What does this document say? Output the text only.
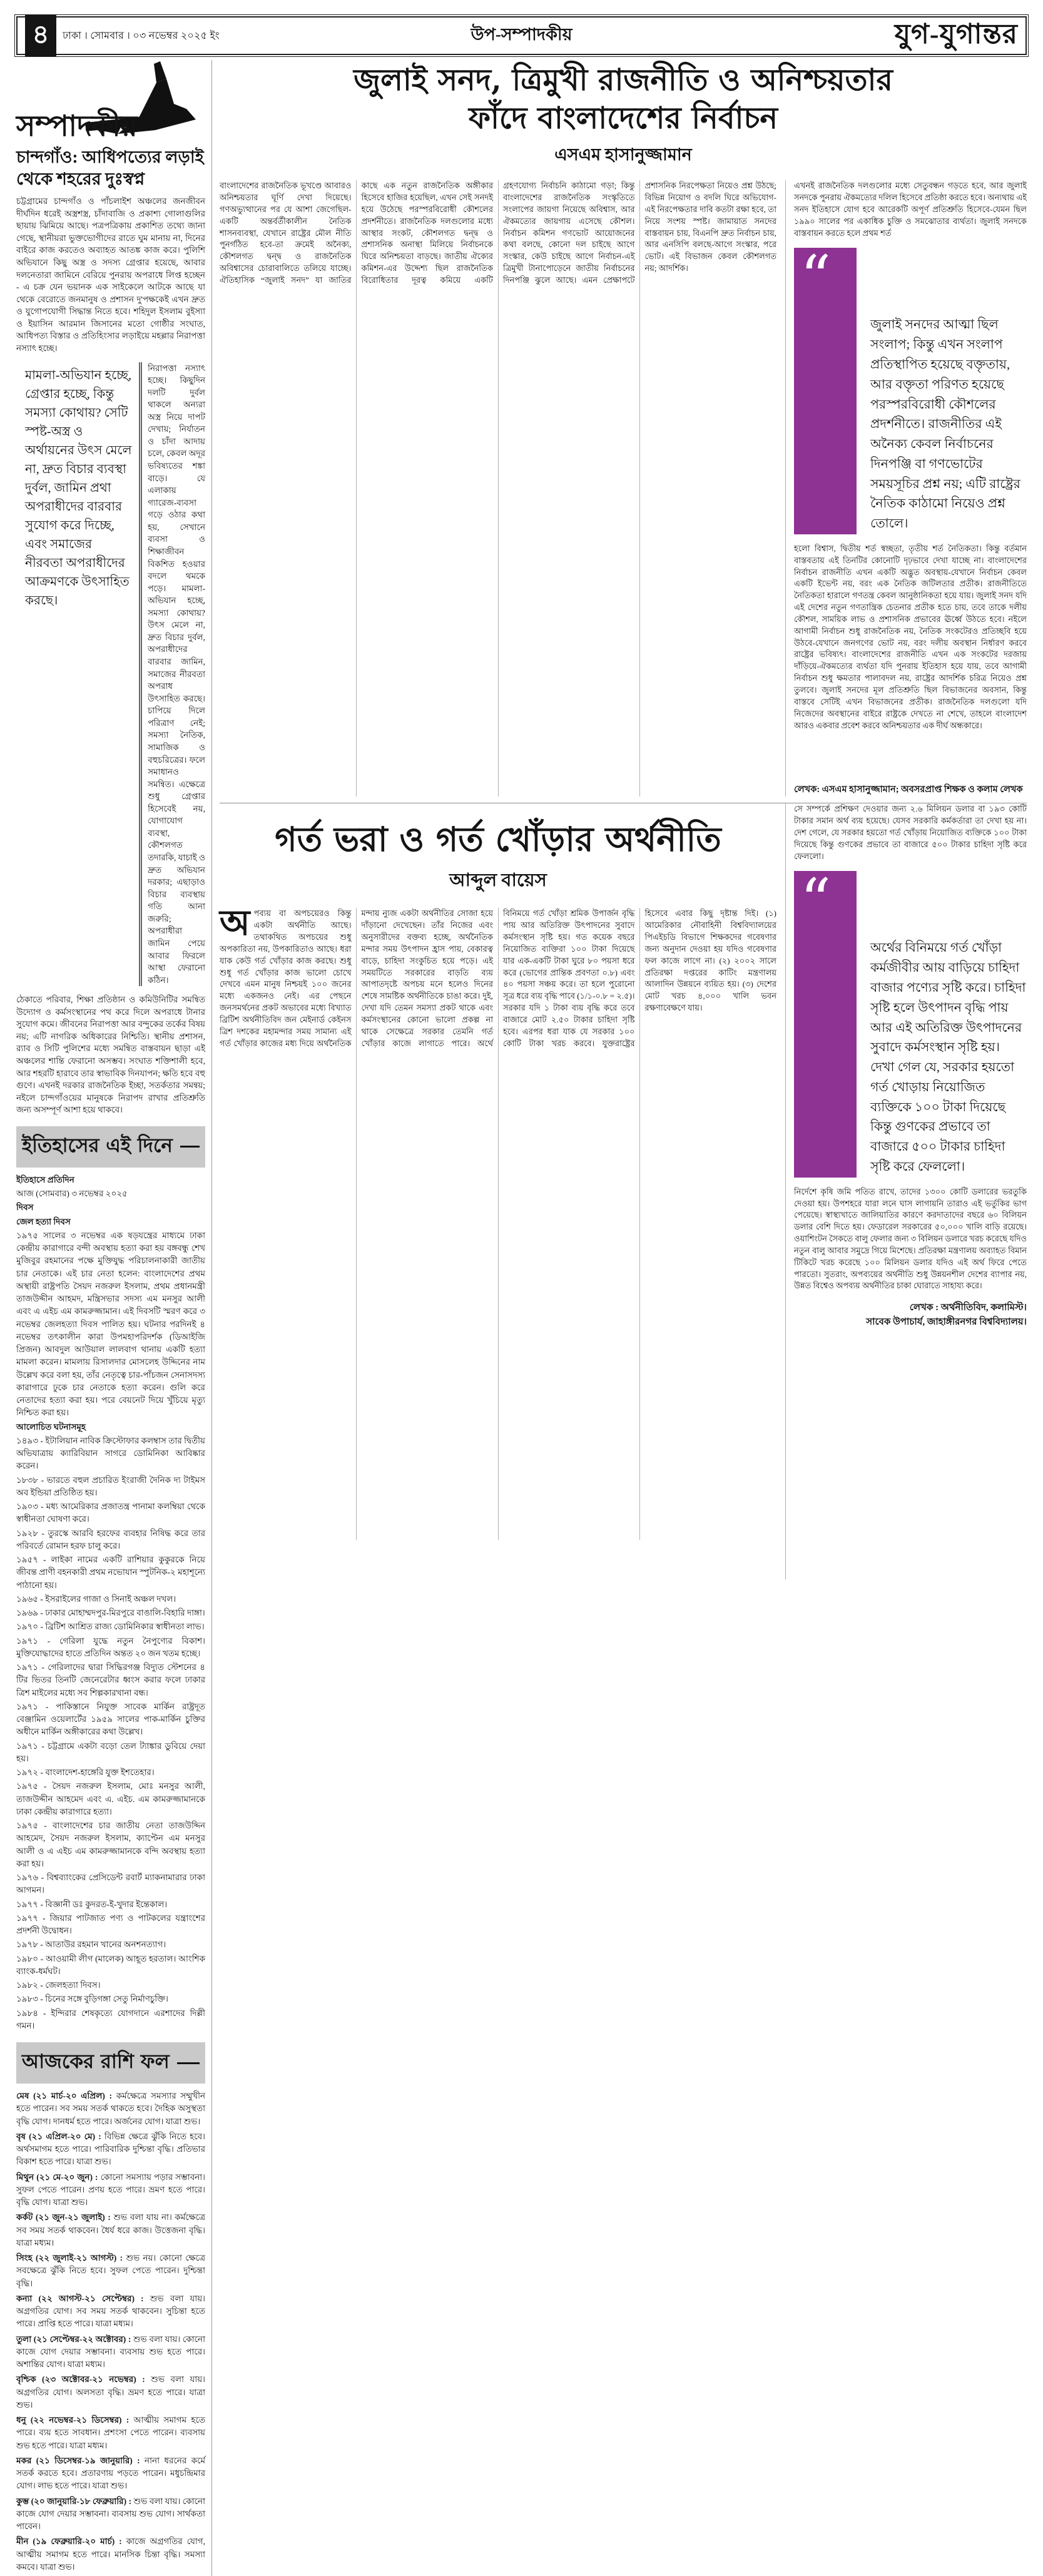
৪	ঢাকা । সোমবার । ০৩ নভেম্বর ২০২৫ ইং	উপ-সম্পাদকীয়	যুগ-যুগান্তর
সম্পাদকীয়
চান্দগাঁও: আধিপত্যের লড়াই থেকে শহরের দুঃস্বপ্ন
চট্টগ্রামের চান্দগাঁও ও পাঁচলাইশ অঞ্চলের জনজীবন দীর্ঘদিন ধরেই অস্ত্রশস্ত্র, চাঁদাবাজি ও প্রকাশ্য গোলাগুলির ছায়ায় ঝিমিয়ে আছে। পত্রপত্রিকায় প্রকাশিত তথ্যে জানা গেছে, স্থানীয়রা ভুক্তভোগীদের রাতে ঘুম মানায় না, দিনের বাইরে কাজ করতেও অব্যাহত আতঙ্ক কাজ করে। পুলিশি অভিযানে কিছু অস্ত্র ও সদস্য গ্রেপ্তার হয়েছে, আবার দলনেতারা জামিনে বেরিয়ে পুনরায় অপরাধে লিপ্ত হচ্ছেন - এ চক্র যেন ভয়ানক এক সাইকেলে আটকে আছে যা থেকে বেরোতে জনমানুষ ও প্রশাসন দু'পক্ষকেই এখন দ্রুত ও যুগোপযোগী সিদ্ধান্ত নিতে হবে। শহিদুল ইসলাম বুইস্যা ও ইয়াসিন আরমান জিসানের মতো গোষ্ঠীর সংঘাত, আধিপত্য বিস্তার ও প্রতিহিংসার লড়াইয়ে মহল্লার নিরাপত্তা নস্যাৎ হচ্ছে।
মামলা-অভিযান হচ্ছে, গ্রেপ্তার হচ্ছে, কিন্তু সমস্যা কোথায়? সেটি স্পষ্ট-অস্ত্র ও অর্থায়নের উৎস মেলে না, দ্রুত বিচার ব্যবস্থা দুর্বল, জামিন প্রথা অপরাধীদের বারবার সুযোগ করে দিচ্ছে, এবং সমাজের নীরবতা অপরাধীদের আক্রমণকে উৎসাহিত করছে।
নিরাপত্তা নস্যাৎ হচ্ছে। কিছুদিন দলটি দুর্বল থাকলে অন্যরা অস্ত্র নিয়ে দাপট দেখায়; নির্যাতন ও চাঁদা আদায় চলে, কেবল অদূর ভবিষ্যতের শঙ্কা বাড়ে। যে এলাকায় গ্যারেজ-ব্যবসা গড়ে ওঠার কথা হয়, সেখানে ব্যবসা ও শিক্ষাজীবন বিকশিত হওয়ার বদলে থমকে পড়ে। মামলা-অভিযান হচ্ছে, সমস্যা কোথায়? উৎস মেলে না, দ্রুত বিচার দুর্বল, অপরাধীদের বারবার জামিন, সমাজের নীরবতা অপরাধ উৎসাহিত করছে। চাপিয়ে দিলে পরিত্রাণ নেই; সমস্যা নৈতিক, সামাজিক ও বহুচরিত্রের। ফলে সমাধানও সমন্বিত। এক্ষেত্রে শুধু গ্রেপ্তার হিসেবেই নয়, যোগাযোগ ব্যবস্থা, কৌশলগত তদারকি, যাচাই ও দ্রুত অভিযান দরকার; এছাড়াও বিচার ব্যবস্থায় গতি আনা জরুরি; অপরাধীরা জামিন পেয়ে আবার ফিরলে আস্থা ফেরানো কঠিন।
ঠেকাতে পরিবার, শিক্ষা প্রতিষ্ঠান ও কমিউনিটির সমন্বিত উদ্যোগ ও কর্মসংস্থানের পথ করে দিলে অপরাধে টানার সুযোগ কমে। জীবনের নিরাপত্তা আর বন্দুকের তর্কের বিষয় নয়; এটি নাগরিক অধিকারের নিশ্চিতি। স্থানীয় প্রশাসন, র‍্যাব ও সিটি পুলিশের মধ্যে সমন্বিত বাস্তবায়ন ছাড়া এই অঞ্চলের শান্তি ফেরানো অসম্ভব। সংঘাত শক্তিশালী হবে, আর শহরটি হারাবে তার স্বাভাবিক দিনযাপন; ক্ষতি হবে বহু গুণে। এখনই দরকার রাজনৈতিক ইচ্ছা, সতর্কতার সমন্বয়; নইলে চান্দগাঁওয়ের মানুষকে নিরাপদ রাখার প্রতিশ্রুতি জন্য অসম্পূর্ণ আশা হয়ে থাকবে।
ইতিহাসের এই দিনে

ইতিহাসে প্রতিদিন

আজ (সোমবার) ৩ নভেম্বর ২০২৫

দিবস

জেল হত্যা দিবস

১৯৭৫ সালের ৩ নভেম্বর এক ষড়যন্ত্রের মাধ্যমে ঢাকা কেন্দ্রীয় কারাগারে বন্দী অবস্থায় হত্যা করা হয় বঙ্গবন্ধু শেখ মুজিবুর রহমানের পক্ষে মুক্তিযুদ্ধ পরিচালনাকারী জাতীয় চার নেতাকে। এই চার নেতা হলেন: বাংলাদেশের প্রথম অস্থায়ী রাষ্ট্রপতি সৈয়দ নজরুল ইসলাম, প্রথম প্রধানমন্ত্রী তাজউদ্দীন আহমদ, মন্ত্রিসভার সদস্য এম মনসুর আলী এবং এ এইচ এম কামরুজ্জামান। এই দিবসটি স্মরণ করে ৩ নভেম্বর জেলহত্যা দিবস পালিত হয়। ঘটনার পরদিনই ৪ নভেম্বর তৎকালীন কারা উপমহাপরিদর্শক (ডিআইজি প্রিজন) আবদুল আউয়াল লালবাগ থানায় একটি হত্যা মামলা করেন। মামলায় রিসালদার মোসলেহ উদ্দিনের নাম উল্লেখ করে বলা হয়, তাঁর নেতৃত্বে চার-পাঁচজন সেনাসদস্য কারাগারে ঢুকে চার নেতাকে হত্যা করেন। গুলি করে নেতাদের হত্যা করা হয়। পরে বেয়নেট দিয়ে খুঁচিয়ে মৃত্যু নিশ্চিত করা হয়।

আলোচিত ঘটনাসমূহ

১৪৯৩ - ইটালিয়ান নাবিক ক্রিস্টোফার কলম্বাস তার দ্বিতীয় অভিযাত্রায় ক্যারিবিয়ান সাগরে ডোমিনিকা আবিষ্কার করেন।
১৮৩৮ - ভারতে বহুল প্রচারিত ইংরাজী দৈনিক দ্য টাইমস অব ইন্ডিয়া প্রতিষ্ঠিত হয়।
১৯০৩ - মধ্য আমেরিকার প্রজাতন্ত্র পানামা কলম্বিয়া থেকে স্বাধীনতা ঘোষণা করে।
১৯২৮ - তুরস্কে আরবি হরফের ব্যবহার নিষিদ্ধ করে তার পরিবর্তে রোমান হরফ চালু করে।
১৯৫৭ - লাইকা নামের একটি রাশিয়ার কুকুরকে নিয়ে জীবন্ত প্রাণী বহনকারী প্রথম নভোযান স্পুটনিক-২ মহাশূন্যে পাঠানো হয়।
১৯৬৫ - ইসরাইলের গাজা ও সিনাই অঞ্চল দখল।
১৯৬৯ - ঢাকার মোহাম্মদপুর-মিরপুরে বাঙালি-বিহারি দাঙ্গা।
১৯৭০ - ব্রিটিশ আশ্রিত রাজ্য ডোমিনিকার স্বাধীনতা লাভ।
১৯৭১ - গেরিলা যুদ্ধে নতুন নৈপুণ্যের বিকাশ। মুক্তিযোদ্ধাদের হাতে প্রতিদিন অন্তত ২০ জন খতম হচ্ছে।
১৯৭১ - গেরিলাদের দ্বারা সিদ্ধিরগঞ্জ বিদ্যুত স্টেশনের ৪ টির ভিতর তিনটি জেনেরেটার ধ্বংস করার ফলে ঢাকার ত্রিশ মাইলের মধ্যে সব শিল্পকারখানা বন্ধ।
১৯৭১ - পাকিস্তানে নিযুক্ত সাবেক মার্কিন রাষ্ট্রদূত বেঞ্জামিন ওয়েলার্টের ১৯৫৯ সালের পাক-মার্কিন চুক্তির অধীনে মার্কিন অঙ্গীকারের কথা উল্লেখ।
১৯৭১ - চট্টগ্রামে একটা বড়ো তেল ট্যাঙ্কার ডুবিয়ে দেয়া হয়।
১৯৭২ - বাংলাদেশ-হাঙ্গেরি যুক্ত ইশতেহার।
১৯৭৫ - সৈয়দ নজরুল ইসলাম, মোঃ মনসুর আলী, তাজউদ্দীন আহমেদ এবং এ. এইচ. এম কামরুজ্জামানকে ঢাকা কেন্দ্রীয় কারাগারে হত্যা।
১৯৭৫ - বাংলাদেশের চার জাতীয় নেতা তাজউদ্দিন আহমেদ, সৈয়দ নজরুল ইসলাম, ক্যাপ্টেন এম মনসুর আলী ও এ এইচ এম কামরুজ্জামানকে বন্দি অবস্থায় হত্যা করা হয়।
১৯৭৬ - বিশ্বব্যাংকের প্রেসিডেন্ট রবার্ট ম্যাকনামারার ঢাকা আগমন।
১৯৭৭ - বিজ্ঞানী ডঃ কুদরত-ই-খুদার ইন্তেকাল।
১৯৭৭ - জিয়ার পাটজাত পণ্য ও পাটকলের যন্ত্রাংশের প্রদর্শনী উদ্বোধন।
১৯৭৮ - আতাউর রহমান খানের অনশনত্যাগ।
১৯৮০ - আওয়ামী লীগ (মালেক) আহূত হরতাল। আংশিক ব্যাংক-ধর্মঘট।
১৯৮২ - জেলহত্যা দিবস।
১৯৮৩ - চিনের সঙ্গে বুড়িগঙ্গা সেতু নির্মাণচুক্তি।
১৯৮৪ - ইন্দিরার শেষকৃত্যে যোগদানে এরশাদের দিল্লী গমন।
আজকের রাশি ফল

মেষ (২১ মার্চ-২০ এপ্রিল) : কর্মক্ষেত্রে সমস্যার সম্মুখীন হতে পারেন। সব সময় সতর্ক থাকতে হবে। দৈহিক অসুস্থতা বৃদ্ধি যোগ। দানধর্ম হতে পারে। অর্জনের যোগ। যাত্রা শুভ।

বৃষ (২১ এপ্রিল-২০ মে) : বিভিন্ন ক্ষেত্রে ঝুঁকি নিতে হবে। অর্থসমাগম হতে পারে। পারিবারিক দুশ্চিন্তা বৃদ্ধি। প্রতিভার বিকাশ হতে পারে। যাত্রা শুভ।

মিথুন (২১ মে-২০ জুন) : কোনো সমস্যায় পড়ার সম্ভাবনা। সুফল পেতে পারেন। প্রণয় হতে পারে। ভ্রমণ হতে পারে। বৃদ্ধি যোগ। যাত্রা শুভ।

কর্কট (২১ জুন-২১ জুলাই) : শুভ বলা যায় না। কর্মক্ষেত্রে সব সময় সতর্ক থাকবেন। ধৈর্য ধরে কাজ। উত্তেজনা বৃদ্ধি। যাত্রা মধ্যম।

সিংহ (২২ জুলাই-২১ আগস্ট) : শুভ নয়। কোনো ক্ষেত্রে সবক্ষেত্রে ঝুঁকি নিতে হবে। সুফল পেতে পারেন। দুশ্চিন্তা বৃদ্ধি।

কন্যা (২২ আগস্ট-২১ সেপ্টেম্বর) : শুভ বলা যায়। অগ্রগতির যোগ। সব সময় সতর্ক থাকবেন। সুচিন্তা হতে পারে। প্রাপ্তি হতে পারে। যাত্রা মধ্যম।

তুলা (২১ সেপ্টেম্বর-২২ অক্টোবর) : শুভ বলা যায়। কোনো কাজে যোগ দেয়ার সম্ভাবনা। ব্যবসায় শুভ হতে পারে। অশান্তির যোগ। যাত্রা মধ্যম।

বৃশ্চিক (২৩ অক্টোবর-২১ নভেম্বর) : শুভ বলা যায়। অগ্রগতির যোগ। অলসতা বৃদ্ধি। ভ্রমণ হতে পারে। যাত্রা শুভ।

ধনু (২২ নভেম্বর-২১ ডিসেম্বর) : আত্মীয় সমাগম হতে পারে। ব্যয় হতে সাবধান। প্রশংসা পেতে পারেন। ব্যবসায় শুভ হতে পারে। যাত্রা মধ্যম।

মকর (২১ ডিসেম্বর-১৯ জানুয়ারি) : নানা ধরনের কর্মে সতর্ক করতে হবে। প্রতারণায় পড়তে পারেন। মধুচন্দ্রিমার যোগ। লাভ হতে পারে। যাত্রা শুভ।

কুম্ভ (২০ জানুয়ারি-১৮ ফেব্রুয়ারি) : শুভ বলা যায়। কোনো কাজে যোগ দেয়ার সম্ভাবনা। ব্যবসায় শুভ যোগ। সার্থকতা পাবেন।

মীন (১৯ ফেব্রুয়ারি-২০ মার্চ) : কাজে অগ্রগতির যোগ, আত্মীয় সমাগম হতে পারে। মানসিক চিন্তা বৃদ্ধি। সমস্যা কমবে। যাত্রা শুভ।

জুলাই সনদ, ত্রিমুখী রাজনীতি ও অনিশ্চয়তার
ফাঁদে বাংলাদেশের নির্বাচন
এসএম হাসানুজ্জামান
বাংলাদেশের রাজনৈতিক ভূখণ্ডে আবারও অনিশ্চয়তার ঘূর্ণি দেখা দিয়েছে। গণঅভ্যুত্থানের পর যে আশা জেগেছিল-একটি অন্তর্বর্তীকালীন নৈতিক শাসনব্যবস্থা, যেখানে রাষ্ট্রের মৌল নীতি পুনর্গঠিত হবে-তা ক্রমেই অনৈক্য, কৌশলগত দ্বন্দ্ব ও রাজনৈতিক অবিশ্বাসের চোরাবালিতে তলিয়ে যাচ্ছে। ঐতিহাসিক “জুলাই সনদ” যা জাতির কাছে এক নতুন রাজনৈতিক অঙ্গীকার হিসেবে হাজির হয়েছিল, এখন সেই সনদই হয়ে উঠেছে পরস্পরবিরোধী কৌশলের প্রদর্শনীতে। রাজনৈতিক দলগুলোর মধ্যে আস্থার সংকট, কৌশলগত দ্বন্দ্ব ও প্রশাসনিক অনাস্থা মিলিয়ে নির্বাচনকে ঘিরে অনিশ্চয়তা বাড়ছে। জাতীয় ঐক্যের কমিশন-এর উদ্দেশ্য ছিল রাজনৈতিক বিরোধিতার দূরত্ব কমিয়ে একটি গ্রহণযোগ্য নির্বাচনি কাঠামো গড়া; কিন্তু বাংলাদেশের রাজনৈতিক সংস্কৃতিতে সংলাপের জায়গা নিয়েছে অবিশ্বাস, আর ঐকমত্যের জায়গায় এসেছে কৌশল। নির্বাচন কমিশন গণভোট আয়োজনের কথা বলছে, কোনো দল চাইছে আগে সংস্কার, কেউ চাইছে আগে নির্বাচন-এই ত্রিমুখী টানাপোড়েনে জাতীয় নির্বাচনের দিনপঞ্জি ঝুলে আছে। এমন প্রেক্ষাপটে প্রশাসনিক নিরপেক্ষতা নিয়েও প্রশ্ন উঠছে; বিভিন্ন নিয়োগ ও বদলি ঘিরে অভিযোগ-এই নিরপেক্ষতার দাবি কতটা রক্ষা হবে, তা নিয়ে সংশয় স্পষ্ট। জামায়াত সনদের বাস্তবায়ন চায়, বিএনপি দ্রুত নির্বাচন চায়, আর এনসিপি বলছে-আগে সংস্কার, পরে ভোট। এই বিভাজন কেবল কৌশলগত নয়; আদর্শিক।
এখনই রাজনৈতিক দলগুলোর মধ্যে সেতুবন্ধন গড়তে হবে, আর জুলাই সনদকে পুনরায় ঐকমত্যের দলিল হিসেবে প্রতিষ্ঠা করতে হবে। অন্যথায় এই সনদ ইতিহাসে যোগ হবে আরেকটি অপূর্ণ প্রতিশ্রুতি হিসেবে-যেমন ছিল ১৯৯০ সালের পর একাধিক চুক্তি ও সমঝোতার ব্যর্থতা। জুলাই সনদকে বাস্তবায়ন করতে হলে প্রথম শর্ত
“
জুলাই সনদের আত্মা ছিল সংলাপ; কিন্তু এখন সংলাপ প্রতিস্থাপিত হয়েছে বক্তৃতায়, আর বক্তৃতা পরিণত হয়েছে পরস্পরবিরোধী কৌশলের প্রদর্শনীতে। রাজনীতির এই অনৈক্য কেবল নির্বাচনের দিনপঞ্জি বা গণভোটের সময়সূচির প্রশ্ন নয়; এটি রাষ্ট্রের নৈতিক কাঠামো নিয়েও প্রশ্ন তোলে।
হলো বিশ্বাস, দ্বিতীয় শর্ত স্বচ্ছতা, তৃতীয় শর্ত নৈতিকতা। কিন্তু বর্তমান বাস্তবতায় এই তিনটির কোনোটি দৃঢ়ভাবে দেখা যাচ্ছে না। বাংলাদেশের নির্বাচন রাজনীতি এখন একটি অদ্ভুত অবস্থায়-যেখানে নির্বাচন কেবল একটি ইভেন্ট নয়, বরং এক নৈতিক জটিলতার প্রতীক। রাজনীতিতে নৈতিকতা হারালে গণতন্ত্র কেবল আনুষ্ঠানিকতা হয়ে যায়। জুলাই সনদ যদি এই দেশের নতুন গণতান্ত্রিক চেতনার প্রতীক হতে চায়, তবে তাকে দলীয় কৌশল, সাময়িক লাভ ও প্রশাসনিক প্রভাবের ঊর্ধ্বে উঠতে হবে। নইলে আগামী নির্বাচন শুধু রাজনৈতিক নয়, নৈতিক সংকটেরও প্রতিচ্ছবি হয়ে উঠবে-যেখানে জনগণের ভোট নয়, বরং দলীয় অবস্থান নির্ধারণ করবে রাষ্ট্রের ভবিষ্যৎ। বাংলাদেশের রাজনীতি এখন এক সংকটের দরজায় দাঁড়িয়ে-ঐকমত্যের ব্যর্থতা যদি পুনরায় ইতিহাস হয়ে যায়, তবে আগামী নির্বাচন শুধু ক্ষমতার পালাবদল নয়, রাষ্ট্রের আদর্শিক চরিত্র নিয়েও প্রশ্ন তুলবে। জুলাই সনদের মূল প্রতিশ্রুতি ছিল বিভাজনের অবসান, কিন্তু বাস্তবে সেটিই এখন বিভাজনের প্রতীক। রাজনৈতিক দলগুলো যদি নিজেদের অবস্থানের বাইরে রাষ্ট্রকে দেখতে না শেখে, তাহলে বাংলাদেশ আরও একবার প্রবেশ করবে অনিশ্চয়তার এক দীর্ঘ অন্ধকারে।
লেখক: এসএম হাসানুজ্জামান; অবসরপ্রাপ্ত শিক্ষক ও কলাম লেখক
গর্ত ভরা ও গর্ত খোঁড়ার অর্থনীতি
আব্দুল বায়েস
অপব্যয় বা অপচয়েরও কিন্তু একটা অর্থনীতি আছে। তথাকথিত অপচয়ের শুধু অপকারিতা নয়, উপকারিতাও আছে। ধরা যাক কেউ গর্ত খোঁড়ার কাজ করছে। শুধু শুধু গর্ত খোঁড়ার কাজ ভালো চোখে দেখবে এমন মানুষ নিশ্চয়ই ১০০ জনের মধ্যে একজনও নেই। এর পেছনে জনসমর্থনের প্রকট অভাবের মধ্যে বিখ্যাত ব্রিটিশ অর্থনীতিবিদ জন মেইনার্ড কেইনস ত্রিশ দশকের মহামন্দার সময় সামান্য এই গর্ত খোঁড়ার কাজের মধ্য দিয়ে অর্থনৈতিক মন্দায় ন্যুজ একটা অর্থনীতির সোজা হয়ে দাঁড়ানো দেখেছেন। তাঁর নিজের এবং অনুসারীদের বক্তব্য হচ্ছে, অর্থনৈতিক মন্দার সময় উৎপাদন হ্রাস পায়, বেকারত্ব বাড়ে, চাহিদা সংকুচিত হয়ে পড়ে। এই সময়টিতে সরকারের বাড়তি ব্যয় আপাতদৃষ্টে অপচয় মনে হলেও দিনের শেষে সামষ্টিক অর্থনীতিকে চাঙা করে। দুই, দেখা যদি তেমন সমস্যা প্রকট থাকে এবং কর্মসংস্থানের কোনো ভালো প্রকল্প না থাকে সেক্ষেত্রে সরকার তেমনি গর্ত খোঁড়ার কাজে লাগাতে পারে। অর্থে বিনিময়ে গর্ত খোঁড়া শ্রমিক উপার্জন বৃদ্ধি পায় আর অতিরিক্ত উৎপাদনের সুবাদে কর্মসংস্থান সৃষ্টি হয়। গত কয়েক বছরে নিয়োজিত ব্যক্তিরা ১০০ টাকা দিয়েছে যার এক-একটি টাকা ঘুরে ৮০ পয়সা ধরে করে (ভোগের প্রান্তিক প্রবণতা ০.৮) এবং ৪০ পয়সা সঞ্চয় করে। তা হলে পুরোনো সূত্র ধরে ব্যয় বৃদ্ধি পাবে (১/১-০.৮ = ২.৫)। সরকার যদি ১ টাকা ব্যয় বৃদ্ধি করে তবে বাজারে মোট ২.৫০ টাকার চাহিদা সৃষ্টি হবে। এরপর ধরা যাক যে সরকার ১০০ কোটি টাকা খরচ করবে। যুক্তরাষ্ট্রের হিসেবে এবার কিছু দৃষ্টান্ত দিই। (১) আমেরিকার নৌবাহিনী বিশ্ববিদ্যালয়ের পিএইচডি বিভাগে শিক্ষকদের গবেষণার জন্য অনুদান দেওয়া হয় যদিও গবেষণার ফল কাজে লাগে না। (২) ২০০২ সালে প্রতিরক্ষা দপ্তরের কাটিং মন্ত্রণালয় আলাদিন উন্নয়নে ব্যয়িত হয়। (৩) দেশের মোট খরচ ৪,০০০ খালি ভবন রক্ষণাবেক্ষণে যায়।
সে সম্পর্কে প্রশিক্ষণ দেওয়ার জন্য ২.৬ মিলিয়ন ডলার বা ১৯৩ কোটি টাকার সমান অর্থ ব্যয় হয়েছে। যেসব সরকারি কর্মকর্তারা তা দেখা হয় না। দেশ গেলে, যে সরকার হয়তো গর্ত খোঁড়ায় নিয়োজিত ব্যক্তিকে ১০০ টাকা দিয়েছে কিন্তু গুণকের প্রভাবে তা বাজারে ৫০০ টাকার চাহিদা সৃষ্টি করে ফেললো।
“
অর্থের বিনিময়ে গর্ত খোঁড়া কর্মজীবীর আয় বাড়িয়ে চাহিদা বাজার পণ্যের সৃষ্টি করে। চাহিদা সৃষ্টি হলে উৎপাদন বৃদ্ধি পায় আর এই অতিরিক্ত উৎপাদনের সুবাদে কর্মসংস্থান সৃষ্টি হয়। দেখা গেল যে, সরকার হয়তো গর্ত খোড়ায় নিয়োজিত ব্যক্তিকে ১০০ টাকা দিয়েছে কিন্তু গুণকের প্রভাবে তা বাজারে ৫০০ টাকার চাহিদা সৃষ্টি করে ফেললো।
নির্দেশে কৃষি জমি পতিত রাখে, তাদের ১৩০০ কোটি ডলারের ভরতুকি দেওয়া হয়। উপশহরে যারা লনে ঘাস লাগায়নি তারাও এই ভর্তুকির ভাগ পেয়েছে। স্বাস্থ্যখাতে জালিয়াতির কারণে করদাতাদের বছরে ৬০ বিলিয়ন ডলার বেশি দিতে হয়। ফেডারেল সরকারের ৫০,০০০ খালি বাড়ি রয়েছে। ওয়াশিংটন সৈকতে বালু ফেলার জন্য ৩ বিলিয়ন ডলারে খরচ করেছে যদিও নতুন বালু আবার সমুদ্রে গিয়ে মিশেছে। প্রতিরক্ষা মন্ত্রণালয় অব্যাহত বিমান টিকিটে খরচ করেছে ১০০ মিলিয়ন ডলার যদিও এই অর্থ ফিরে পেতে পারতো। সুতরাং, অপব্যয়ের অর্থনীতি শুধু উন্নয়নশীল দেশের ব্যাপার নয়, উন্নত বিশ্বেও অপব্যয় অর্থনীতির চাকা ঘোরাতে সাহায্য করে।
লেখক : অর্থনীতিবিদ, কলামিস্ট।
সাবেক উপাচার্য, জাহাঙ্গীরনগর বিশ্ববিদ্যালয়।
